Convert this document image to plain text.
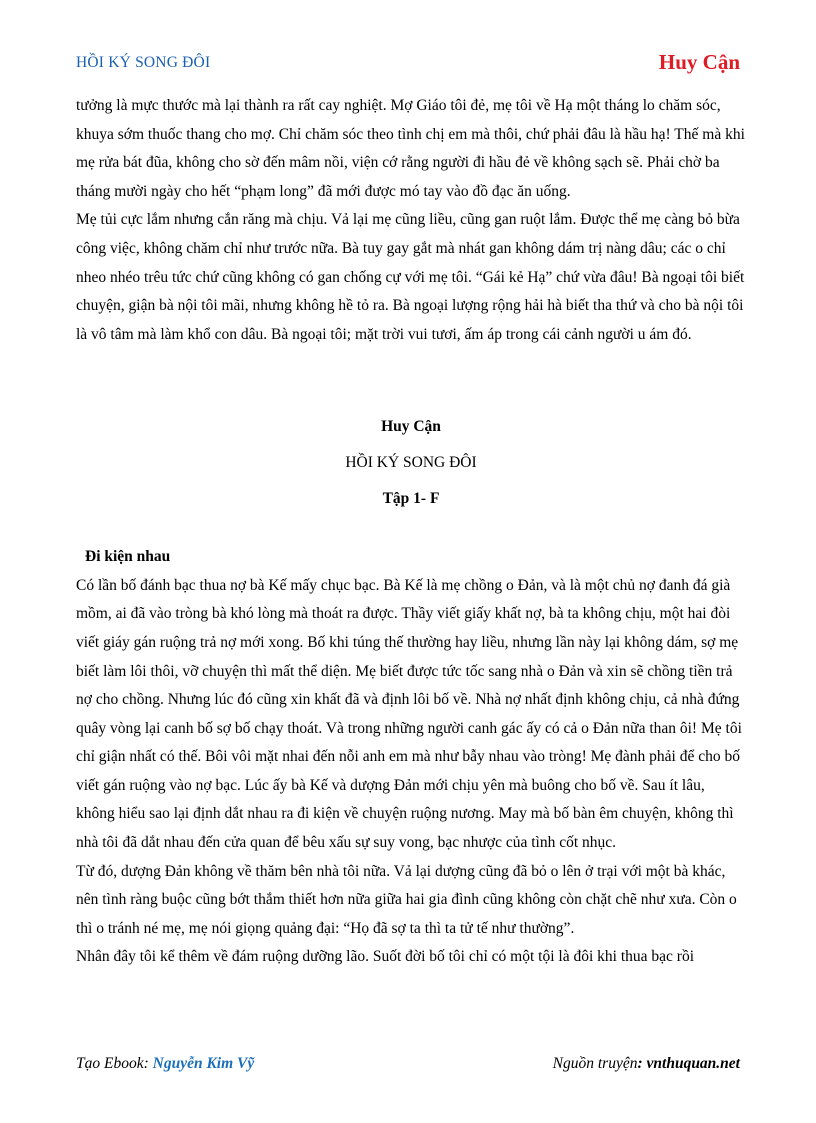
HỒI KÝ SONG ĐÔI	Huy Cận

tưởng là mực thước mà lại thành ra rất cay nghiệt. Mợ Giáo tôi đẻ, mẹ tôi về Hạ một tháng lo chăm sóc, khuya sớm thuốc thang cho mợ. Chỉ chăm sóc theo tình chị em mà thôi, chứ phải đâu là hầu hạ! Thế mà khi mẹ rửa bát đũa, không cho sờ đến mâm nồi, viện cớ rằng người đi hầu đẻ về không sạch sẽ. Phải chờ ba tháng mười ngày cho hết “phạm long” đã mới được mó tay vào đồ đạc ăn uống.

Mẹ tủi cực lắm nhưng cắn răng mà chịu. Vả lại mẹ cũng liều, cũng gan ruột lắm. Được thể mẹ càng bỏ bừa công việc, không chăm chỉ như trước nữa. Bà tuy gay gắt mà nhát gan không dám trị nàng dâu; các o chỉ nheo nhéo trêu tức chứ cũng không có gan chống cự với mẹ tôi. “Gái kẻ Hạ” chứ vừa đâu! Bà ngoại tôi biết chuyện, giận bà nội tôi mãi, nhưng không hề tỏ ra. Bà ngoại lượng rộng hải hà biết tha thứ và cho bà nội tôi là vô tâm mà làm khổ con dâu. Bà ngoại tôi; mặt trời vui tươi, ấm áp trong cái cảnh người u ám đó.

Huy Cận

HỒI KÝ SONG ĐÔI

Tập 1- F

Đi kiện nhau

Có lần bố đánh bạc thua nợ bà Kế mấy chục bạc. Bà Kế là mẹ chồng o Đản, và là một chủ nợ đanh đá già mồm, ai đã vào tròng bà khó lòng mà thoát ra được. Thầy viết giấy khất nợ, bà ta không chịu, một hai đòi viết giáy gán ruộng trả nợ mới xong. Bố khi túng thế thường hay liều, nhưng lần này lại không dám, sợ mẹ biết làm lôi thôi, vỡ chuyện thì mất thể diện. Mẹ biết được tức tốc sang nhà o Đản và xin sẽ chồng tiền trả nợ cho chồng. Nhưng lúc đó cũng xin khất đã và định lôi bố về. Nhà nợ nhất định không chịu, cả nhà đứng quây vòng lại canh bố sợ bố chạy thoát. Và trong những người canh gác ấy có cả o Đản nữa than ôi! Mẹ tôi chỉ giận nhất có thế. Bôi vôi mặt nhai đến nỗi anh em mà như bẫy nhau vào tròng! Mẹ đành phải để cho bố viết gán ruộng vào nợ bạc. Lúc ấy bà Kế và dượng Đản mới chịu yên mà buông cho bố về. Sau ít lâu, không hiểu sao lại định dắt nhau ra đi kiện về chuyện ruộng nương. May mà bố bàn êm chuyện, không thì nhà tôi đã dắt nhau đến cửa quan để bêu xấu sự suy vong, bạc nhược của tình cốt nhục.

Từ đó, dượng Đản không về thăm bên nhà tôi nữa. Vả lại dượng cũng đã bỏ o lên ở trại với một bà khác, nên tình ràng buộc cũng bớt thắm thiết hơn nữa giữa hai gia đình cũng không còn chặt chẽ như xưa. Còn o thì o tránh né mẹ, mẹ nói giọng quảng đại: “Họ đã sợ ta thì ta tử tế như thường”.

Nhân đây tôi kể thêm về đám ruộng dưỡng lão. Suốt đời bố tôi chỉ có một tội là đôi khi thua bạc rồi

Tạo Ebook: Nguyễn Kim Vỹ	Nguồn truyện: vnthuquan.net
